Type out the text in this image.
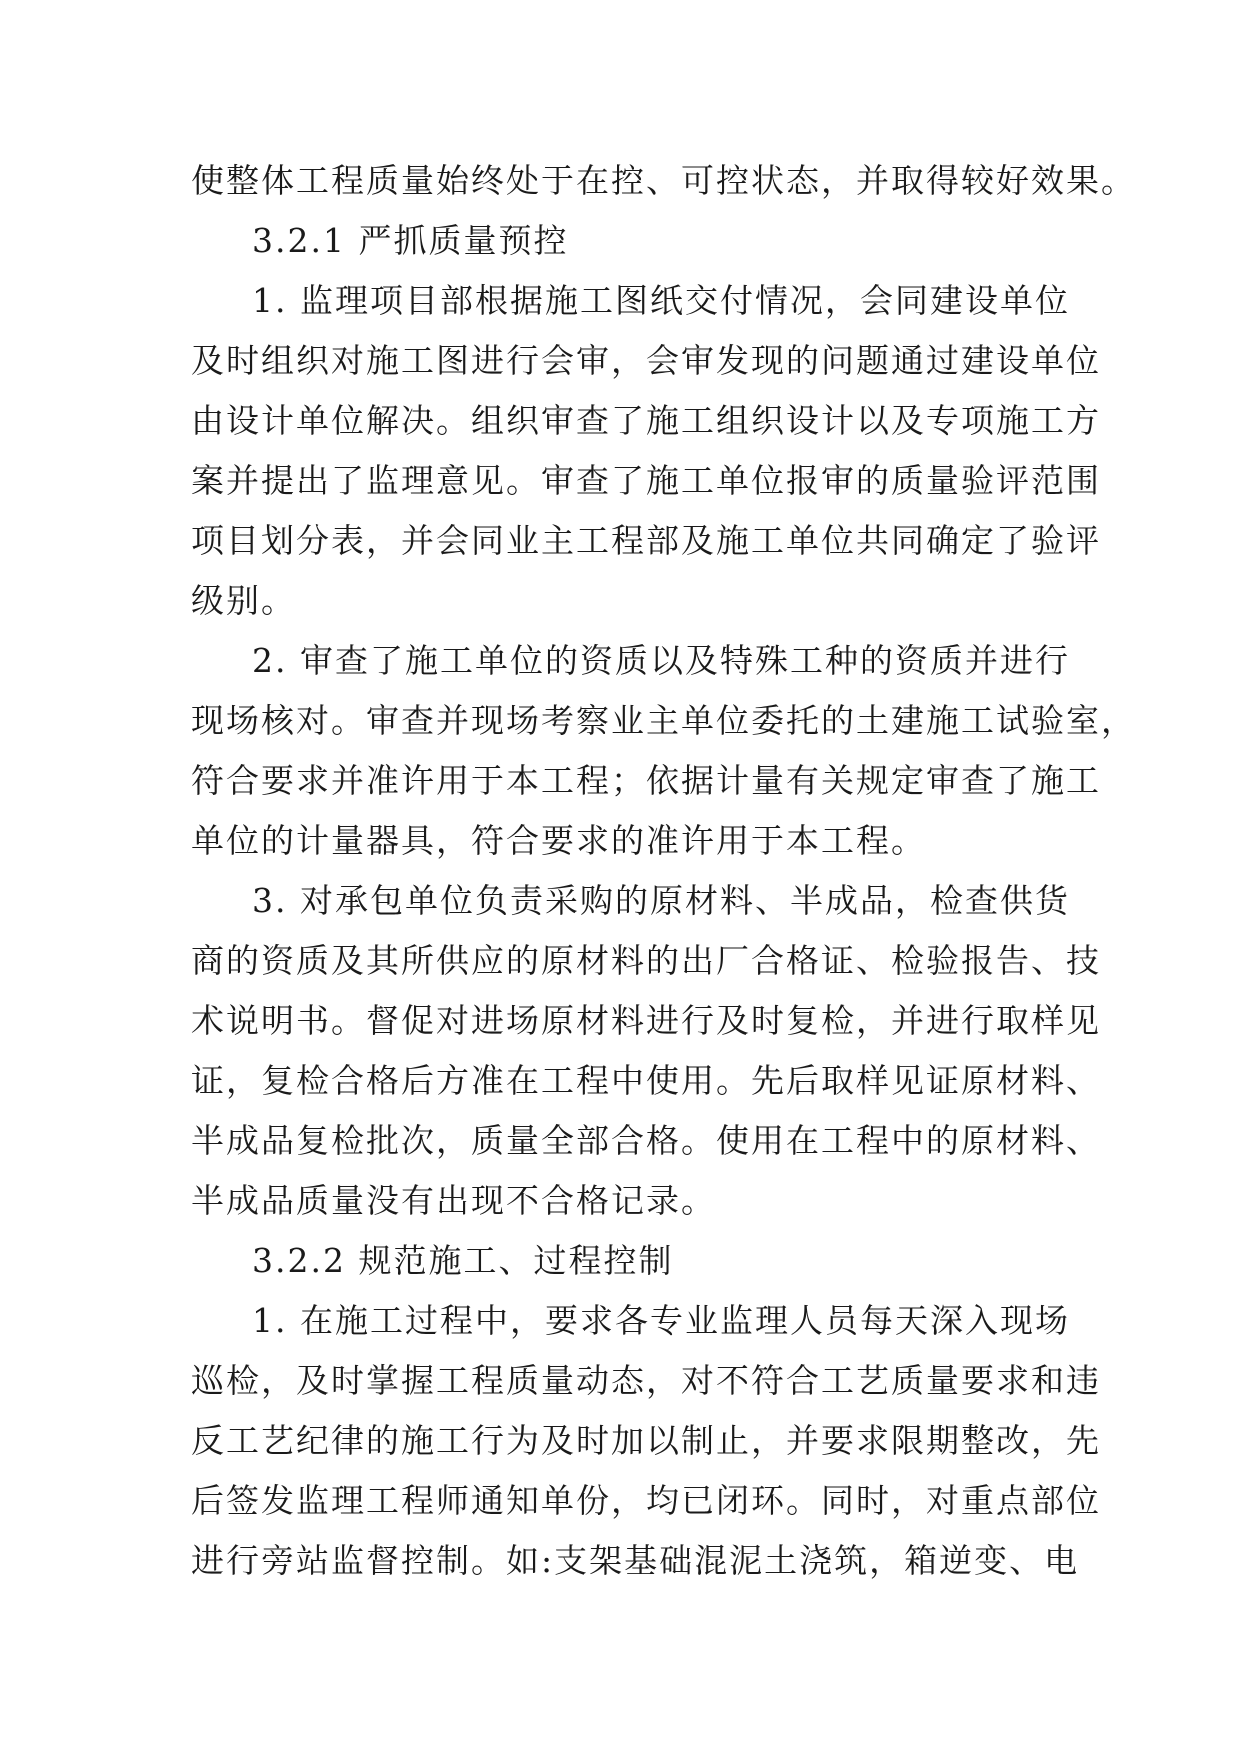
使整体工程质量始终处于在控、可控状态，并取得较好效果。

3.2.1 严抓质量预控

1. 监理项目部根据施工图纸交付情况，会同建设单位

及时组织对施工图进行会审，会审发现的问题通过建设单位

由设计单位解决。组织审查了施工组织设计以及专项施工方

案并提出了监理意见。审查了施工单位报审的质量验评范围

项目划分表，并会同业主工程部及施工单位共同确定了验评

级别。

2. 审查了施工单位的资质以及特殊工种的资质并进行

现场核对。审查并现场考察业主单位委托的土建施工试验室，

符合要求并准许用于本工程；依据计量有关规定审查了施工

单位的计量器具，符合要求的准许用于本工程。

3. 对承包单位负责采购的原材料、半成品，检查供货

商的资质及其所供应的原材料的出厂合格证、检验报告、技

术说明书。督促对进场原材料进行及时复检，并进行取样见

证，复检合格后方准在工程中使用。先后取样见证原材料、

半成品复检批次，质量全部合格。使用在工程中的原材料、

半成品质量没有出现不合格记录。

3.2.2 规范施工、过程控制

1. 在施工过程中，要求各专业监理人员每天深入现场

巡检，及时掌握工程质量动态，对不符合工艺质量要求和违

反工艺纪律的施工行为及时加以制止，并要求限期整改，先

后签发监理工程师通知单份，均已闭环。同时，对重点部位

进行旁站监督控制。如:支架基础混泥土浇筑，箱逆变、电
